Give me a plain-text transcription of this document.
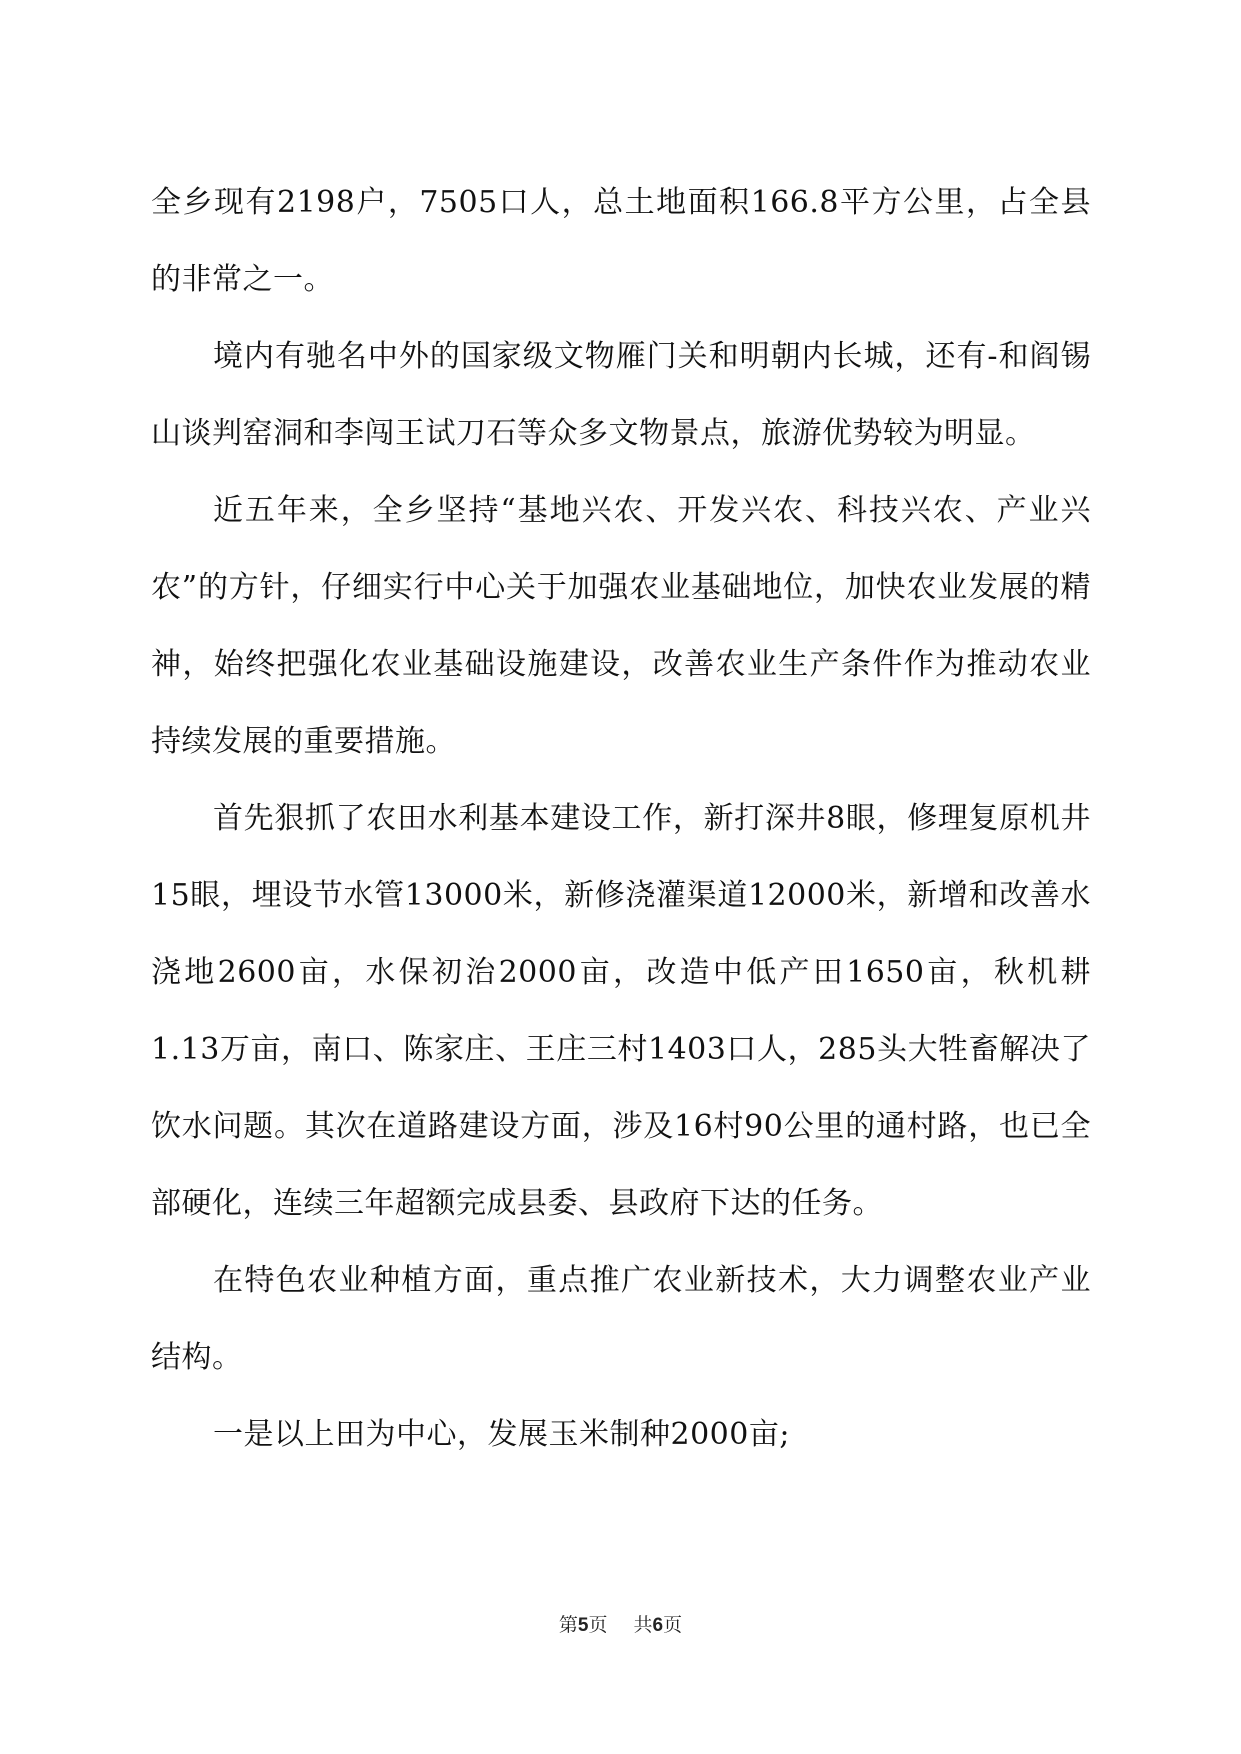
全乡现有2198户，7505口人，总土地面积166.8平方公里，占全县的非常之一。

境内有驰名中外的国家级文物雁门关和明朝内长城，还有-和阎锡山谈判窑洞和李闯王试刀石等众多文物景点，旅游优势较为明显。

近五年来，全乡坚持“基地兴农、开发兴农、科技兴农、产业兴农”的方针，仔细实行中心关于加强农业基础地位，加快农业发展的精神，始终把强化农业基础设施建设，改善农业生产条件作为推动农业持续发展的重要措施。

首先狠抓了农田水利基本建设工作，新打深井8眼，修理复原机井15眼，埋设节水管13000米，新修浇灌渠道12000米，新增和改善水浇地2600亩，水保初治2000亩，改造中低产田1650亩，秋机耕1.13万亩，南口、陈家庄、王庄三村1403口人，285头大牲畜解决了饮水问题。其次在道路建设方面，涉及16村90公里的通村路，也已全部硬化，连续三年超额完成县委、县政府下达的任务。

在特色农业种植方面，重点推广农业新技术，大力调整农业产业结构。

一是以上田为中心，发展玉米制种2000亩;

第5页 共6页
